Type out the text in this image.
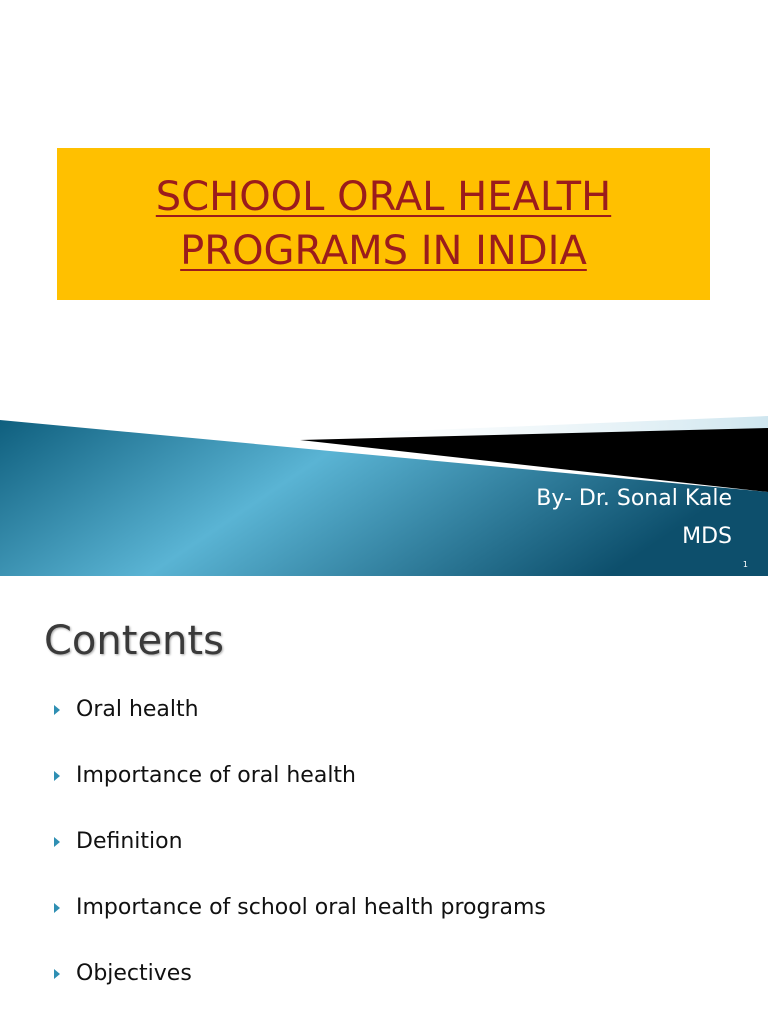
SCHOOL ORAL HEALTH
PROGRAMS IN INDIA
By- Dr. Sonal Kale
MDS
1
Contents
Oral health
Importance of oral health
Definition
Importance of school oral health programs
Objectives
